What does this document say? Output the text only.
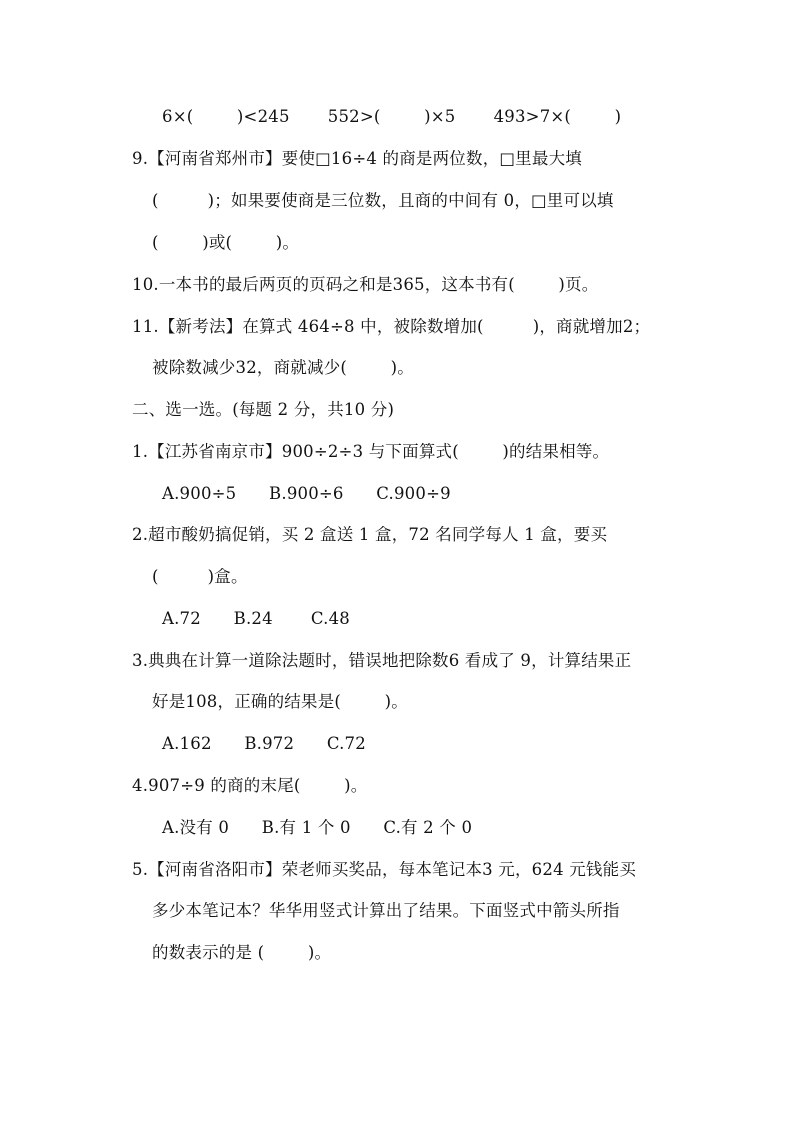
6×(        )<245       552>(        )×5       493>7×(        )
9.【河南省郑州市】要使□16÷4 的商是两位数，□里最大填
(         )；如果要使商是三位数，且商的中间有 0，□里可以填
(        )或(        )。
10.一本书的最后两页的页码之和是365，这本书有(        )页。
11.【新考法】在算式 464÷8 中，被除数增加(         )，商就增加2；
被除数减少32，商就减少(        )。
二、选一选。(每题 2 分，共10 分)
1.【江苏省南京市】900÷2÷3 与下面算式(        )的结果相等。
A.900÷5      B.900÷6      C.900÷9
2.超市酸奶搞促销，买 2 盒送 1 盒，72 名同学每人 1 盒，要买
(         )盒。
A.72      B.24       C.48
3.典典在计算一道除法题时，错误地把除数6 看成了 9，计算结果正
好是108，正确的结果是(        )。
A.162      B.972      C.72
4.907÷9 的商的末尾(        )。
A.没有 0      B.有 1 个 0      C.有 2 个 0
5.【河南省洛阳市】荣老师买奖品，每本笔记本3 元，624 元钱能买
多少本笔记本？华华用竖式计算出了结果。下面竖式中箭头所指
的数表示的是 (        )。
